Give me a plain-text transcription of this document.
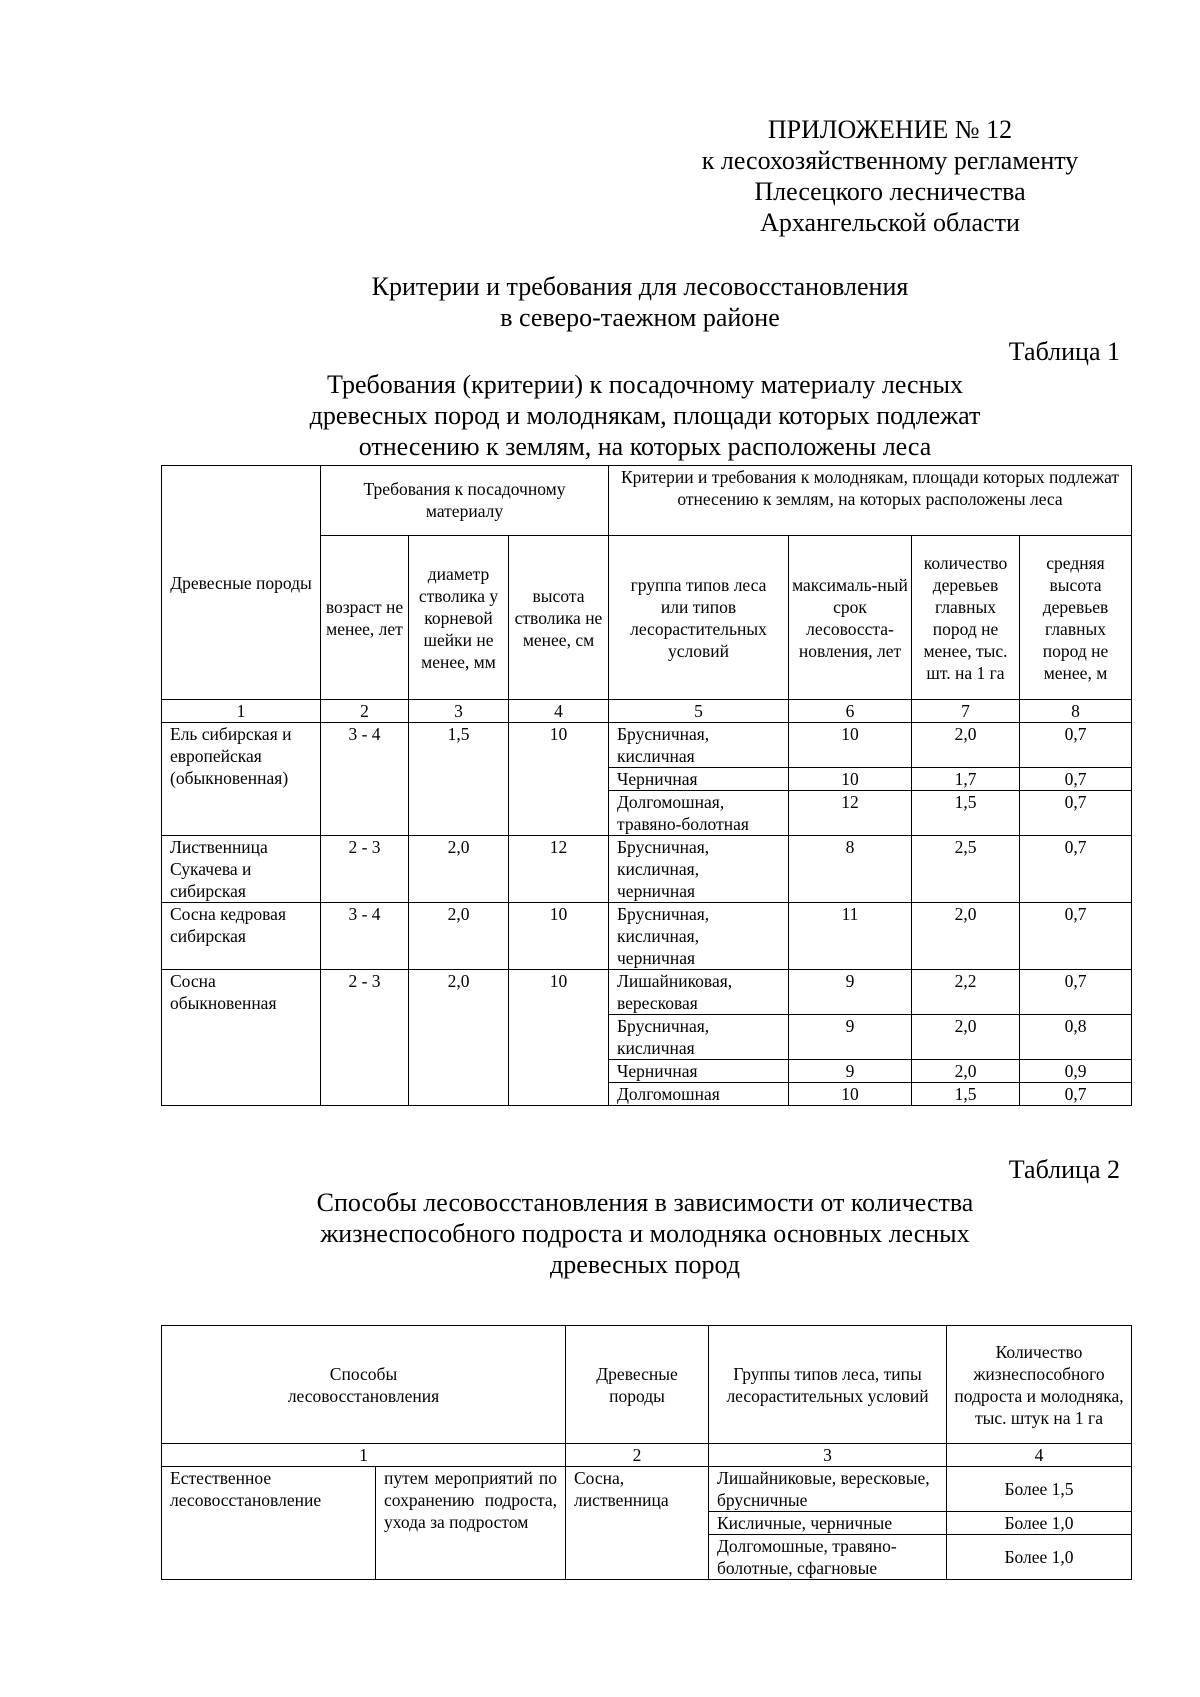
ПРИЛОЖЕНИЕ № 12
к лесохозяйственному регламенту
Плесецкого лесничества
Архангельской области
Критерии и требования для лесовосстановления
в северо-таежном районе
Таблица 1
Требования (критерии) к посадочному материалу лесных
древесных пород и молоднякам, площади которых подлежат
отнесению к землям, на которых расположены леса
Древесные породы	Требования к посадочному материалу			Критерии и требования к молоднякам, площади которых подлежат отнесению к землям, на которых расположены леса			
	возраст не менее, лет	диаметр стволика у корневой шейки не менее, мм	высота стволика не менее, см	группа типов леса или типов лесорастительных условий	максималь-ный срок лесовосста-новления, лет	количество деревьев главных пород не менее, тыс. шт. на 1 га	средняя высота деревьев главных пород не менее, м
1	2	3	4	5	6	7	8
Ель сибирская и европейская (обыкновенная)	3 - 4	1,5	10	Брусничная, кисличная	10	2,0	0,7
				Черничная	10	1,7	0,7
				Долгомошная, травяно-болотная	12	1,5	0,7
Лиственница Сукачева и сибирская	2 - 3	2,0	12	Брусничная, кисличная, черничная	8	2,5	0,7
Сосна кедровая сибирская	3 - 4	2,0	10	Брусничная, кисличная, черничная	11	2,0	0,7
Сосна обыкновенная	2 - 3	2,0	10	Лишайниковая, вересковая	9	2,2	0,7
				Брусничная, кисличная	9	2,0	0,8
				Черничная	9	2,0	0,9
				Долгомошная	10	1,5	0,7
Таблица 2
Способы лесовосстановления в зависимости от количества
жизнеспособного подроста и молодняка основных лесных
древесных пород
Способы лесовосстановления		Древесные породы	Группы типов леса, типы лесорастительных условий	Количество жизнеспособного подроста и молодняка, тыс. штук на 1 га
1		2	3	4
Естественное лесовосстановление	путем мероприятий по сохранению подроста, ухода за подростом	Сосна, лиственница	Лишайниковые, вересковые, брусничные	Более 1,5
			Кисличные, черничные	Более 1,0
			Долгомошные, травяно-болотные, сфагновые	Более 1,0
